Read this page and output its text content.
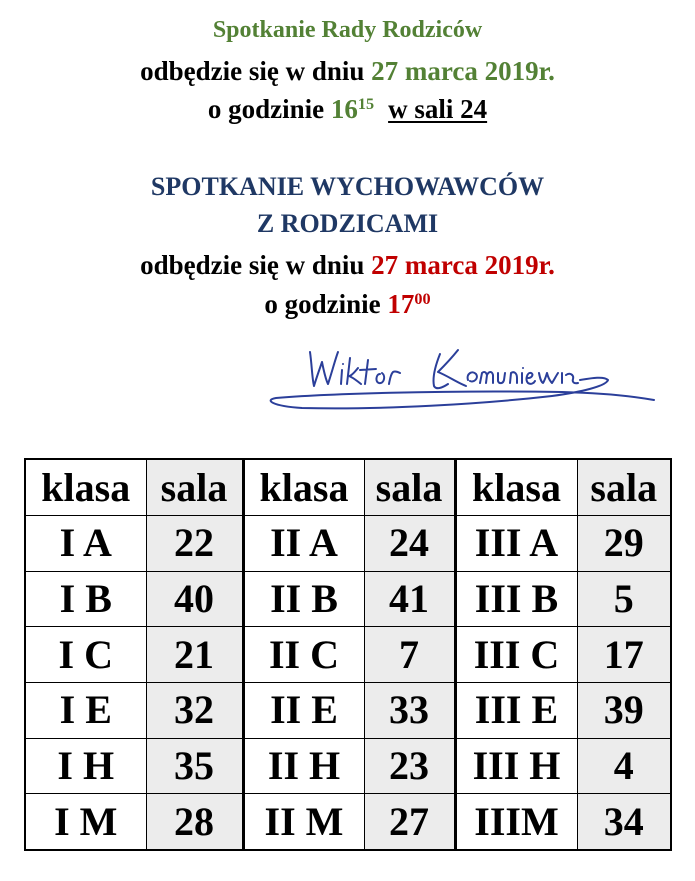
Spotkanie Rady Rodziców
odbędzie się w dniu 27 marca 2019r.
o godzinie $16^{15}$ w sali 24
SPOTKANIE WYCHOWAWCÓW
Z RODZICAMI
odbędzie się w dniu 27 marca 2019r.
o godzinie $17^{00}$
klasa	sala	klasa	sala	klasa	sala
I A	22	II A	24	III A	29
I B	40	II B	41	III B	5
I C	21	II C	7	III C	17
I E	32	II E	33	III E	39
I H	35	II H	23	III H	4
I M	28	II M	27	IIIM	34
